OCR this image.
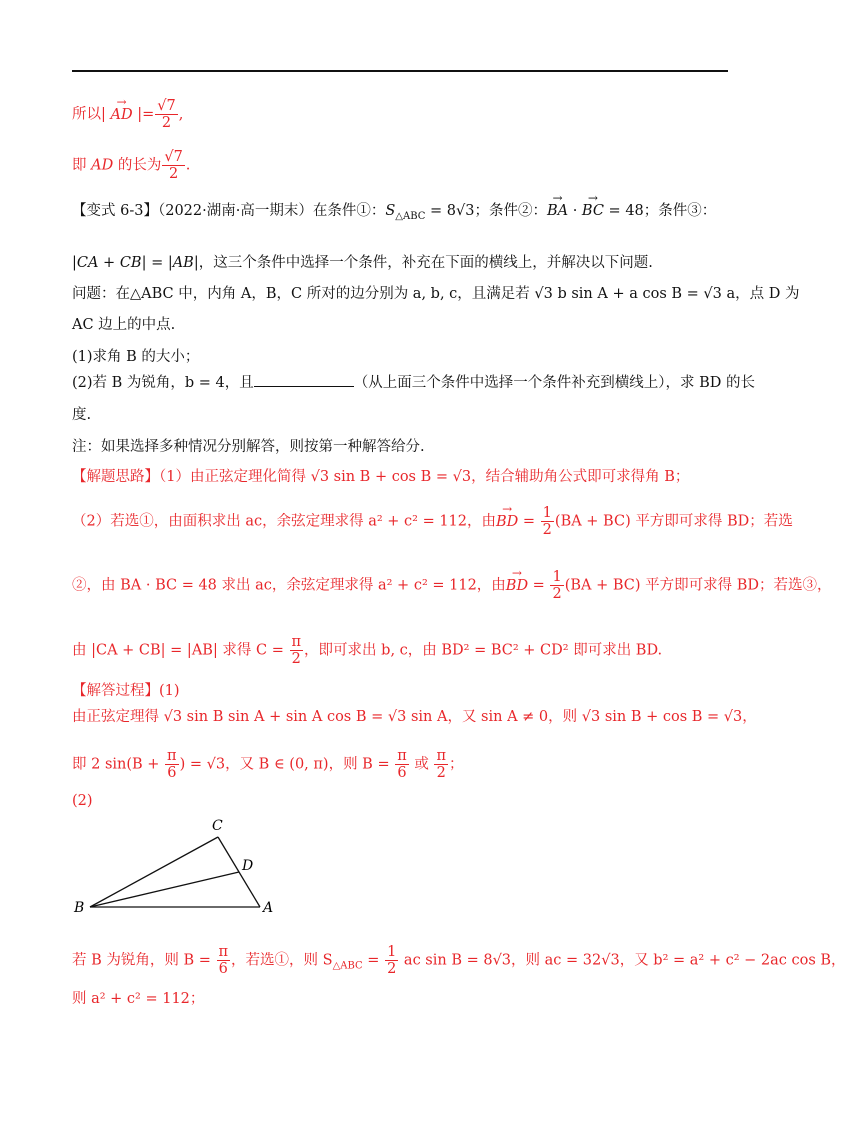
所以| → AD |= $\frac{√7}{2}$ ,
即 AD 的长为 $\frac{√7}{2}$ .
【变式 6-3】（2022·湖南·高一期末）在条件①：$S_{\triangle ABC} = 8√3$；条件②：→ BA · → BC = 48；条件③：
|CA + CB| = |AB|，这三个条件中选择一个条件，补充在下面的横线上，并解决以下问题.
问题：在△ABC 中，内角 A，B，C 所对的边分别为 a, b, c，且满足若 √3 b sin A + a cos B = √3 a，点 D 为
AC 边上的中点.
(1)求角 B 的大小；
(2)若 B 为锐角，b = 4，且	（从上面三个条件中选择一个条件补充到横线上），求 BD 的长
度.
注：如果选择多种情况分别解答，则按第一种解答给分.
【解题思路】（1）由正弦定理化简得 √3 sin B + cos B = √3，结合辅助角公式即可求得角 B；
（2）若选①，由面积求出 ac，余弦定理求得 a² + c² = 112，由→ BD = $\frac{1}{2} (BA + BC)$ 平方即可求得 BD；若选
②，由 BA · BC = 48 求出 ac，余弦定理求得 a² + c² = 112，由→ BD = $\frac{1}{2} (BA + BC)$ 平方即可求得 BD；若选③，
由 |CA + CB| = |AB| 求得 $C = \frac{\pi}{2}$ ，即可求出 b, c，由 BD² = BC² + CD² 即可求出 BD.
【解答过程】(1)
由正弦定理得 √3 sin B sin A + sin A cos B = √3 sin A，又 sin A ≠ 0，则 √3 sin B + cos B = √3，
即 2 $\sin(B + \frac{\pi}{6}$ ) = √3，又 B ∈ (0, π)，则 $B = \frac{\pi}{6}$ 或 $\frac{\pi}{2}$ ；
(2)
C
D
B	A
若 B 为锐角，则 $B = \frac{\pi}{6}$ ，若选①，则 $S_{\triangle ABC} = \frac{1}{2}$ ac sin B = 8√3，则 ac = 32√3，又 b² = a² + c² − 2ac cos B，
则 a² + c² = 112；
